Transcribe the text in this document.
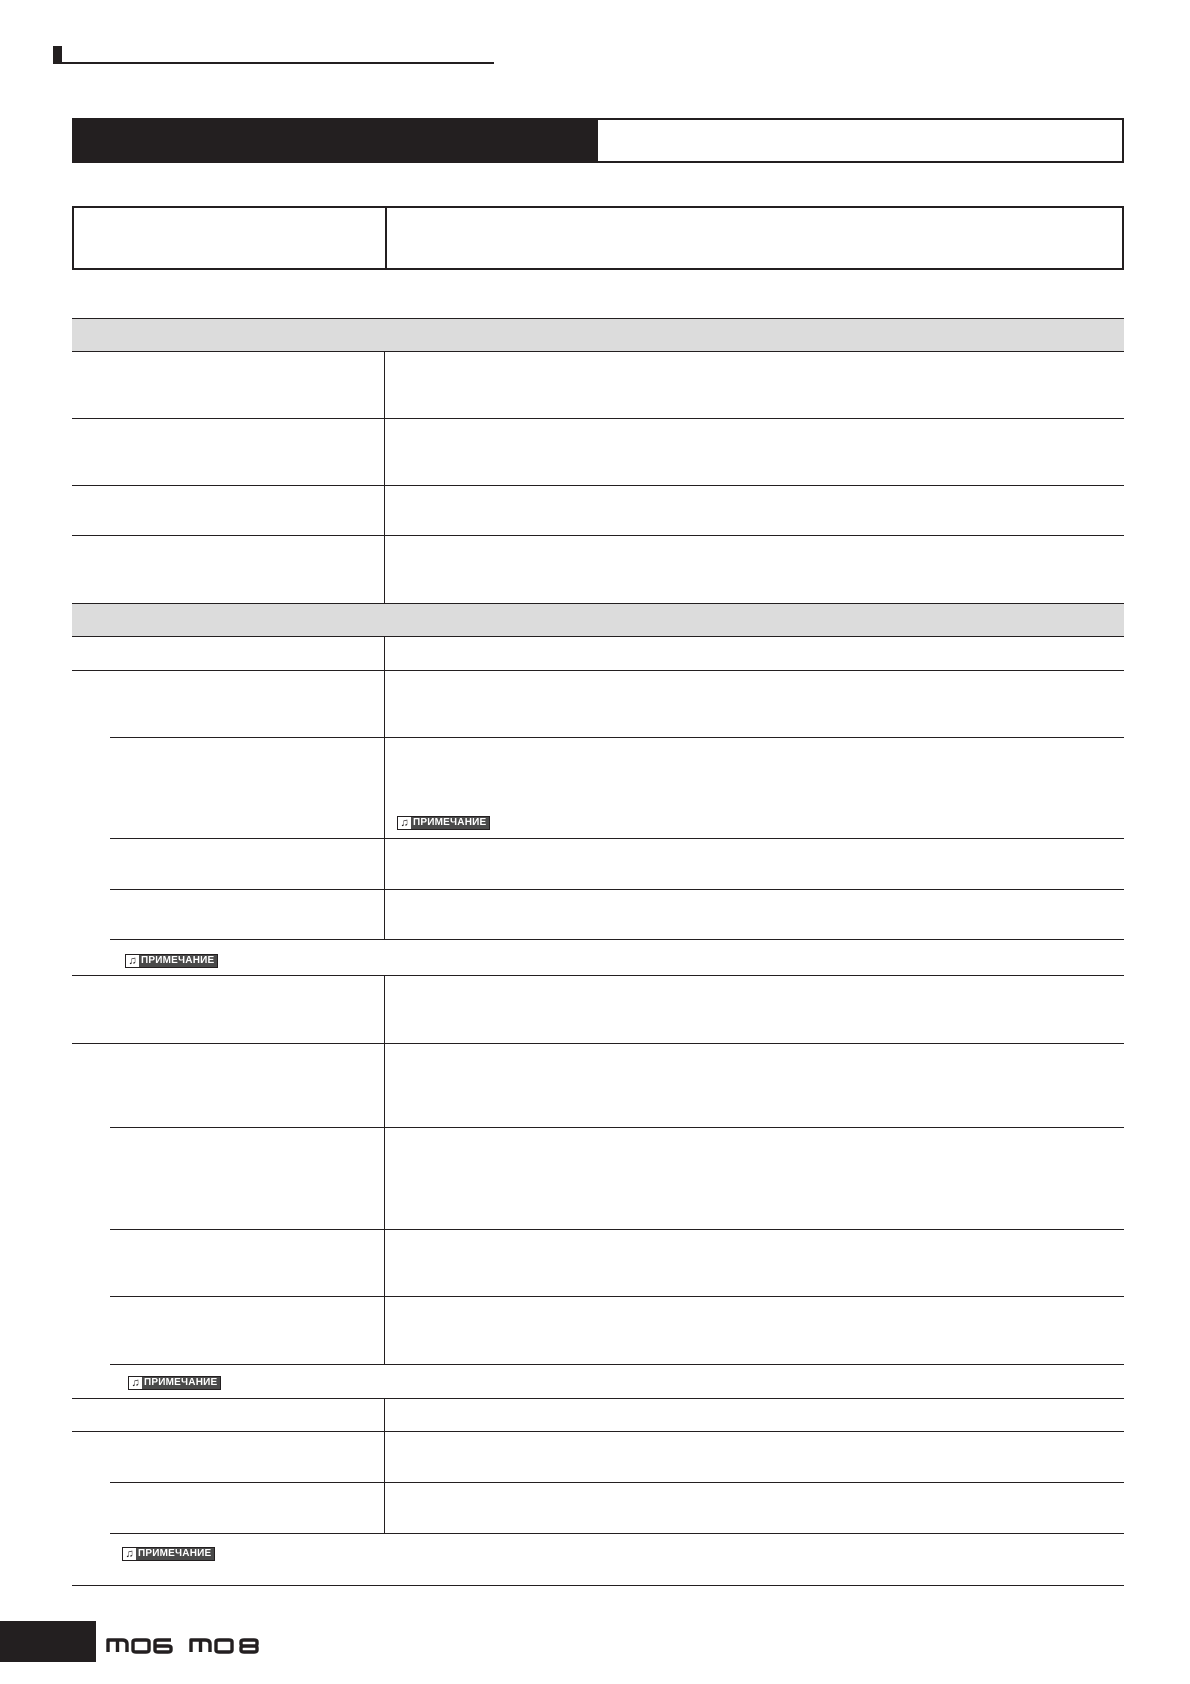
♫ ПРИМЕЧАНИЕ
♫ ПРИМЕЧАНИЕ
♫ ПРИМЕЧАНИЕ
♫ ПРИМЕЧАНИЕ
